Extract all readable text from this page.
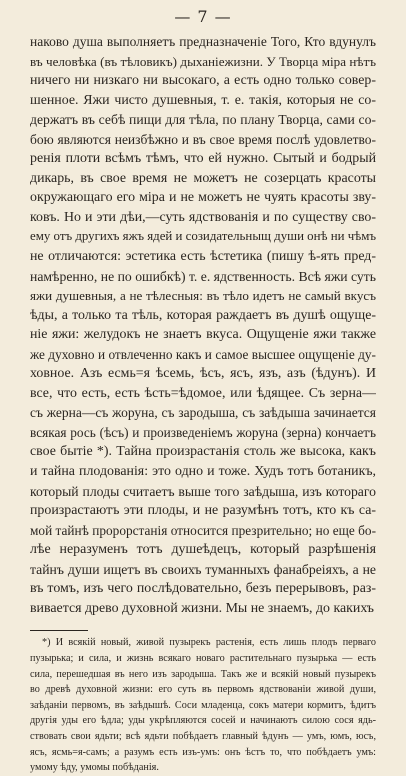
— 7 —
наково душа выполняетъ предназначеніе Того, Кто вдунулъ
въ человѣка (въ тѣловикъ) дыханіежизни. У Творца міра нѣтъ
ничего ни низкаго ни высокаго, а есть одно только совер-
шенное. Яжи чисто душевныя, т. е. такія, которыя не со-
держатъ въ себѣ пищи для тѣла, по плану Творца, сами со-
бою являются неизбѣжно и въ свое время послѣ удовлетво-
ренія плоти всѣмъ тѣмъ, что ей нужно. Сытый и бодрый
дикарь, въ свое время не можетъ не созерцать красоты
окружающаго его міра и не можетъ не чуять красоты зву-
ковъ. Но и эти дѣи,—суть ядствованія и по существу сво-
ему отъ другихъ яжъ ядей и созидательныщ души онѣ ни чѣмъ
не отличаются: эстетика есть ѣстетика (пишу ѣ-ять пред-
намѣренно, не по ошибкѣ) т. е. ядственность. Всѣ яжи суть
яжи душевныя, а не тѣлесныя: въ тѣло идетъ не самый вкусъ
ѣды, а только та тѣль, которая раждаетъ въ душѣ ощуще-
ніе яжи: желудокъ не знаетъ вкуса. Ощущеніе яжи также
же духовно и отвлеченно какъ и самое высшее ощущеніе ду-
ховное. Азъ есмь=я ѣсемь, ѣсъ, ясъ, язъ, азъ (ѣдунъ). И
все, что есть, есть ѣсть=ѣдомое, или ѣдящее. Съ зерна—
съ жерна—съ жоруна, съ зародыша, съ заѣдыша зачинается
всякая рось (ѣсъ) и произведеніемъ жоруна (зерна) кончаетъ
свое бытіе *). Тайна произрастанія столь же высока, какъ
и тайна плодованія: это одно и тоже. Худъ тотъ ботаникъ,
который плоды считаетъ выше того заѣдыша, изъ котораго
произрастаютъ эти плоды, и не разумѣнъ тотъ, кто къ са-
мой тайнѣ пророрстанія относится презрительно; но еще бо-
лѣе неразуменъ тотъ душеѣдецъ, который разрѣшенія
тайнъ души ищетъ въ своихъ туманныхъ фанабреіяхъ, а не
въ томъ, изъ чего послѣдовательно, безъ перерывовъ, раз-
вивается древо духовной жизни. Мы не знаемъ, до какихъ
*) И всякій новый, живой пузырекъ растенія, есть лишь плодъ перваго
пузырька; и сила, и жизнь всякаго новаго растительнаго пузырька — есть
сила, перешедшая въ него изъ зародыша. Такъ же и всякій новый пузырекъ
во древѣ духовной жизни: его суть въ первомъ ядствованіи живой души,
заѣданіи первомъ, въ заѣдышѣ. Соси младенца, сокъ матери кормитъ, ѣдитъ
другія уды его ѣдла; уды укрѣпляются сосей и начинаютъ силою сося ядь-
ствовать свои ядьти; всѣ ядьти побѣдаетъ главный ѣдунъ — умъ, юмъ, юсъ,
ясъ, ясмь=я-самъ; а разумъ есть изъ-умъ: онъ ѣстъ то, что побѣдаетъ умъ:
умому ѣду, умомы побѣданія.
